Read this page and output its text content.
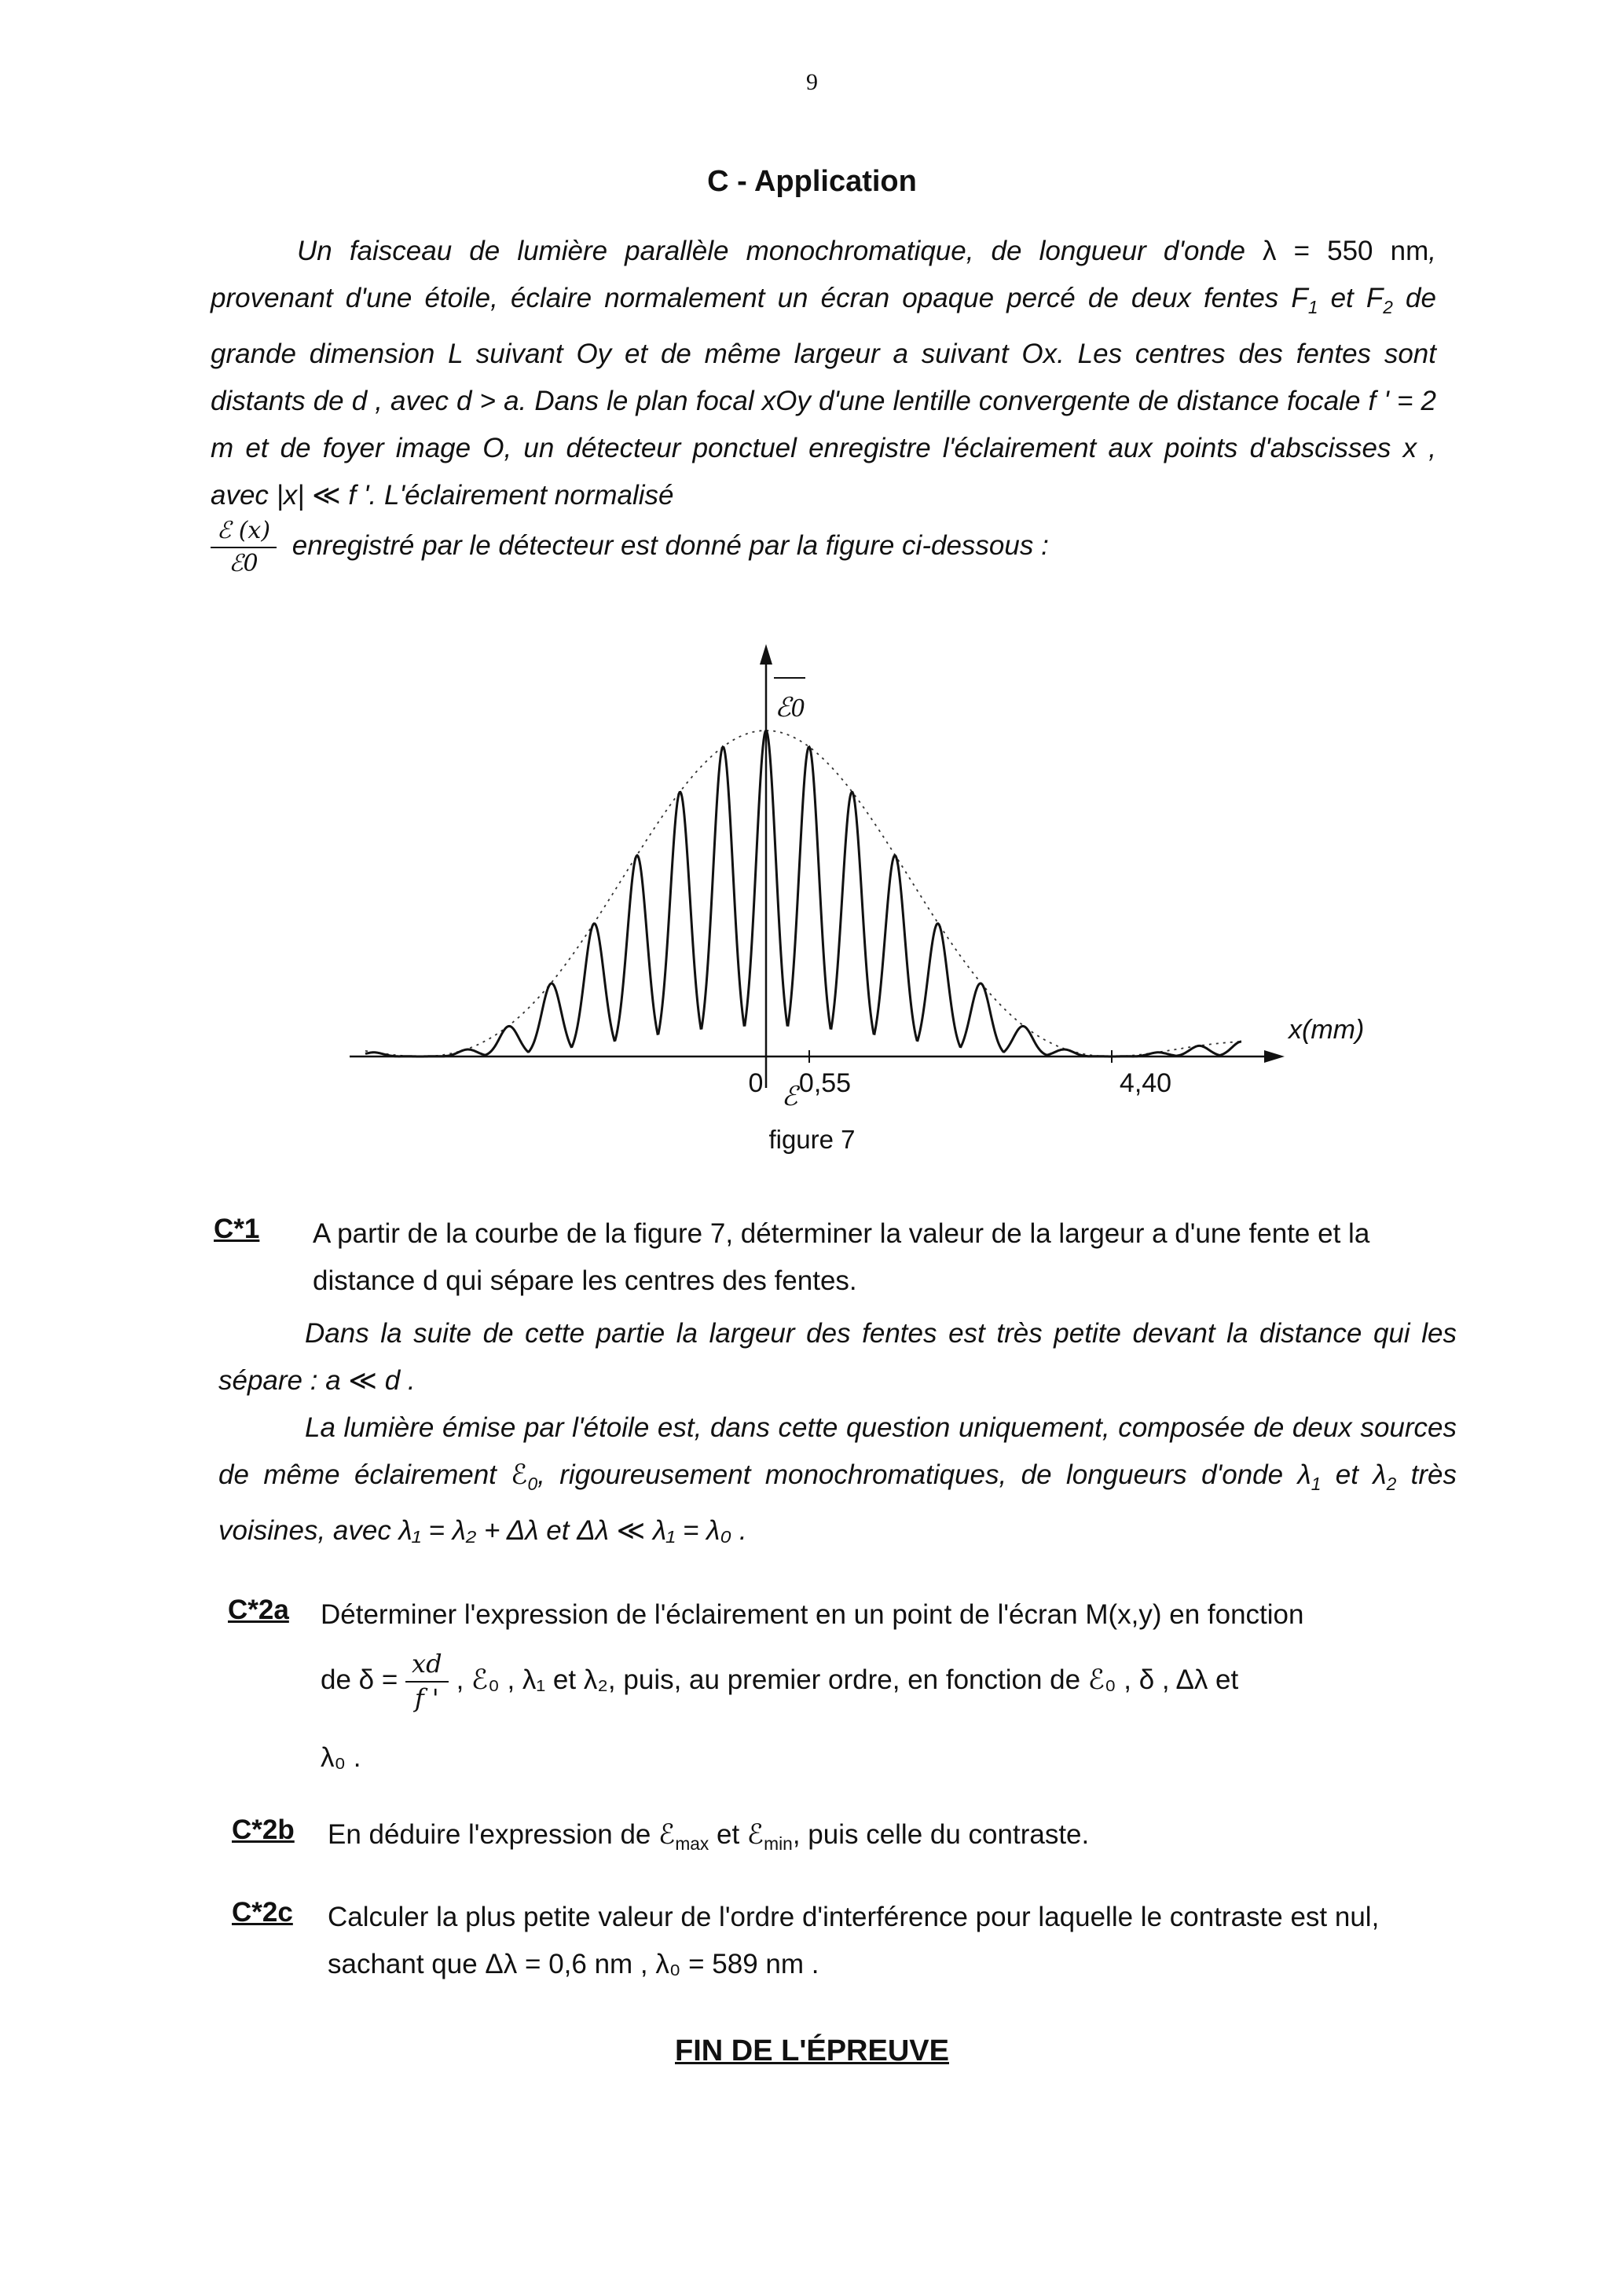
9
C - Application
Un faisceau de lumière parallèle monochromatique, de longueur d'onde λ = 550 nm, provenant d'une étoile, éclaire normalement un écran opaque percé de deux fentes $F_1$ et $F_2$ de grande dimension L suivant Oy et de même largeur a suivant Ox. Les centres des fentes sont distants de d , avec d > a. Dans le plan focal xOy d'une lentille convergente de distance focale f ' = 2 m et de foyer image O, un détecteur ponctuel enregistre l'éclairement aux points d'abscisses x , avec |x| ≪ f '. L'éclairement normalisé
$\frac{\text{ℰ (x)}}{\text{ℰ0}}$ enregistré par le détecteur est donné par la figure ci-dessous :
ℰ
ℰ0
x(mm)
0 0,55	4,40
figure 7
C*1 A partir de la courbe de la figure 7, déterminer la valeur de la largeur a d'une fente et la distance d qui sépare les centres des fentes.
Dans la suite de cette partie la largeur des fentes est très petite devant la distance qui les sépare : a ≪ d .
La lumière émise par l'étoile est, dans cette question uniquement, composée de deux sources de même éclairement ℰ$_0$, rigoureusement monochromatiques, de longueurs d'onde $\lambda_1$ et $\lambda_2$ très voisines, avec λ₁ = λ₂ + Δλ et Δλ ≪ λ₁ = λ₀ .
C*2a Déterminer l'expression de l'éclairement en un point de l'écran M(x,y) en fonction
de $\delta = \frac{xd}{f '}$ , ℰ₀ , λ₁ et λ₂, puis, au premier ordre, en fonction de ℰ₀ , δ , Δλ et
λ₀ .
C*2b En déduire l'expression de ℰ$_{max}$ et ℰ$_{min}$, puis celle du contraste.
C*2c Calculer la plus petite valeur de l'ordre d'interférence pour laquelle le contraste est nul, sachant que Δλ = 0,6 nm , λ₀ = 589 nm .
FIN DE L'ÉPREUVE
